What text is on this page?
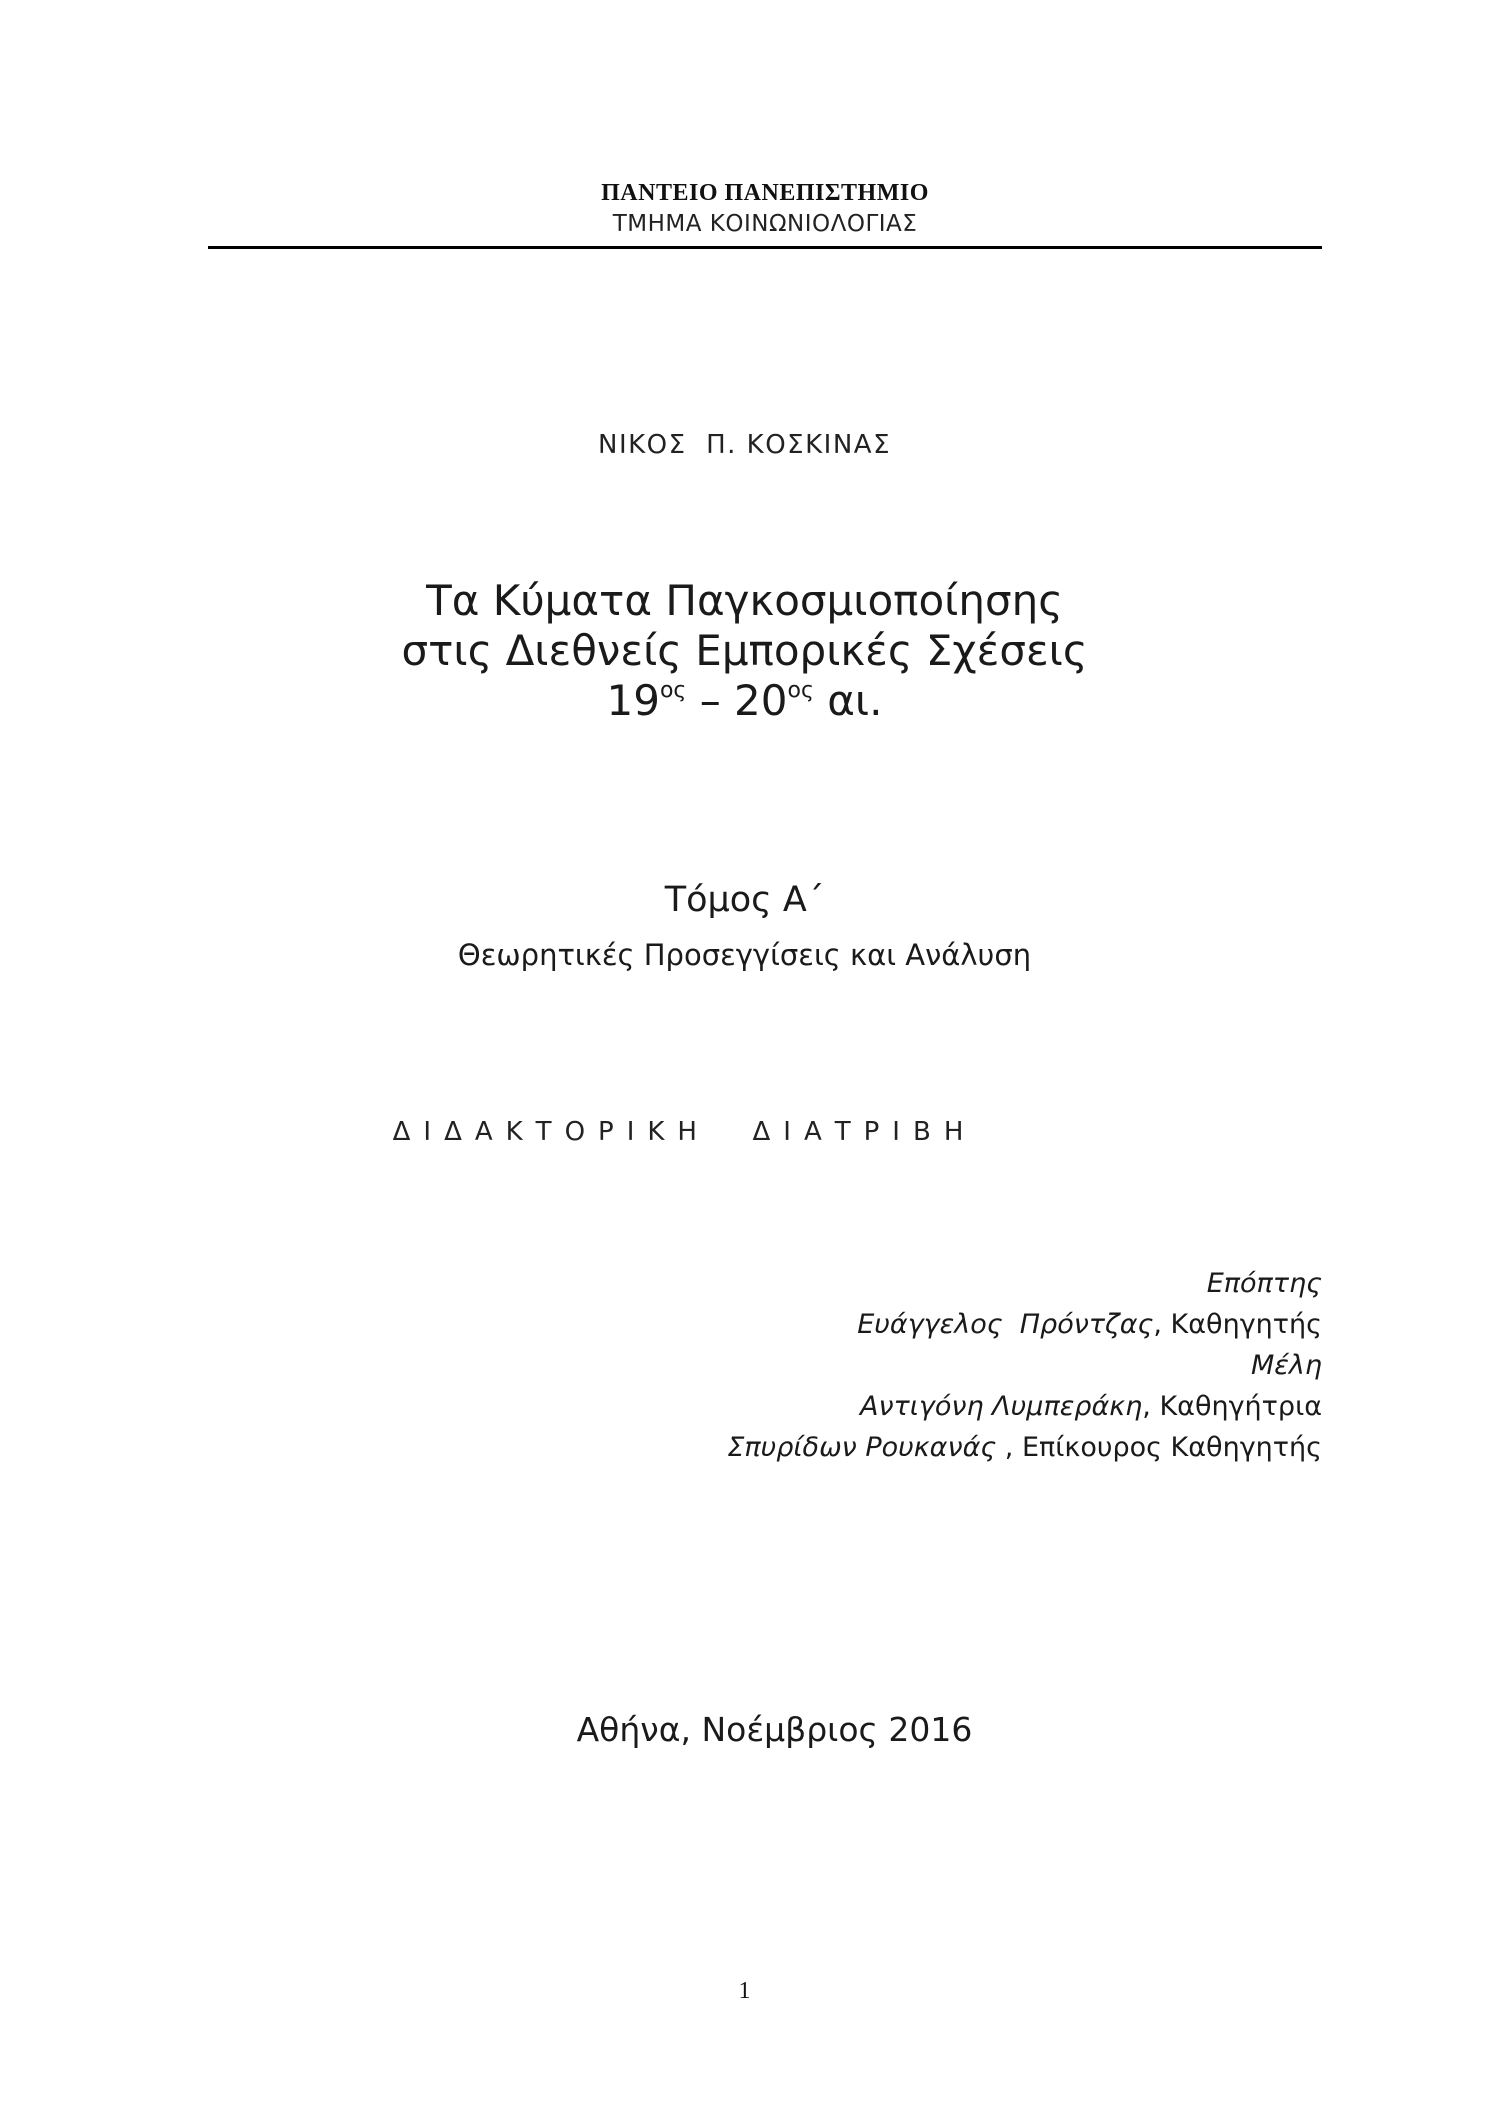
ΠΑΝΤΕΙΟ ΠΑΝΕΠΙΣΤΗΜΙΟ
ΤΜΗΜΑ ΚΟΙΝΩΝΙΟΛΟΓΙΑΣ
ΝΙΚΟΣ  Π. ΚΟΣΚΙΝΑΣ
Τα Κύματα Παγκοσμιοποίησης
στις Διεθνείς Εμπορικές Σχέσεις
$19^{o\varsigma} - 20^{o\varsigma}$ αι.
Τόμος Α΄
Θεωρητικές Προσεγγίσεις και Ανάλυση
ΔΙΔΑΚΤΟΡΙΚΗ  ΔΙΑΤΡΙΒΗ
Επόπτης
Ευάγγελος  Πρόντζας, Καθηγητής
Μέλη
Αντιγόνη Λυμπεράκη, Καθηγήτρια
Σπυρίδων Ρουκανάς , Επίκουρος Καθηγητής
Αθήνα, Νοέμβριος 2016
1
